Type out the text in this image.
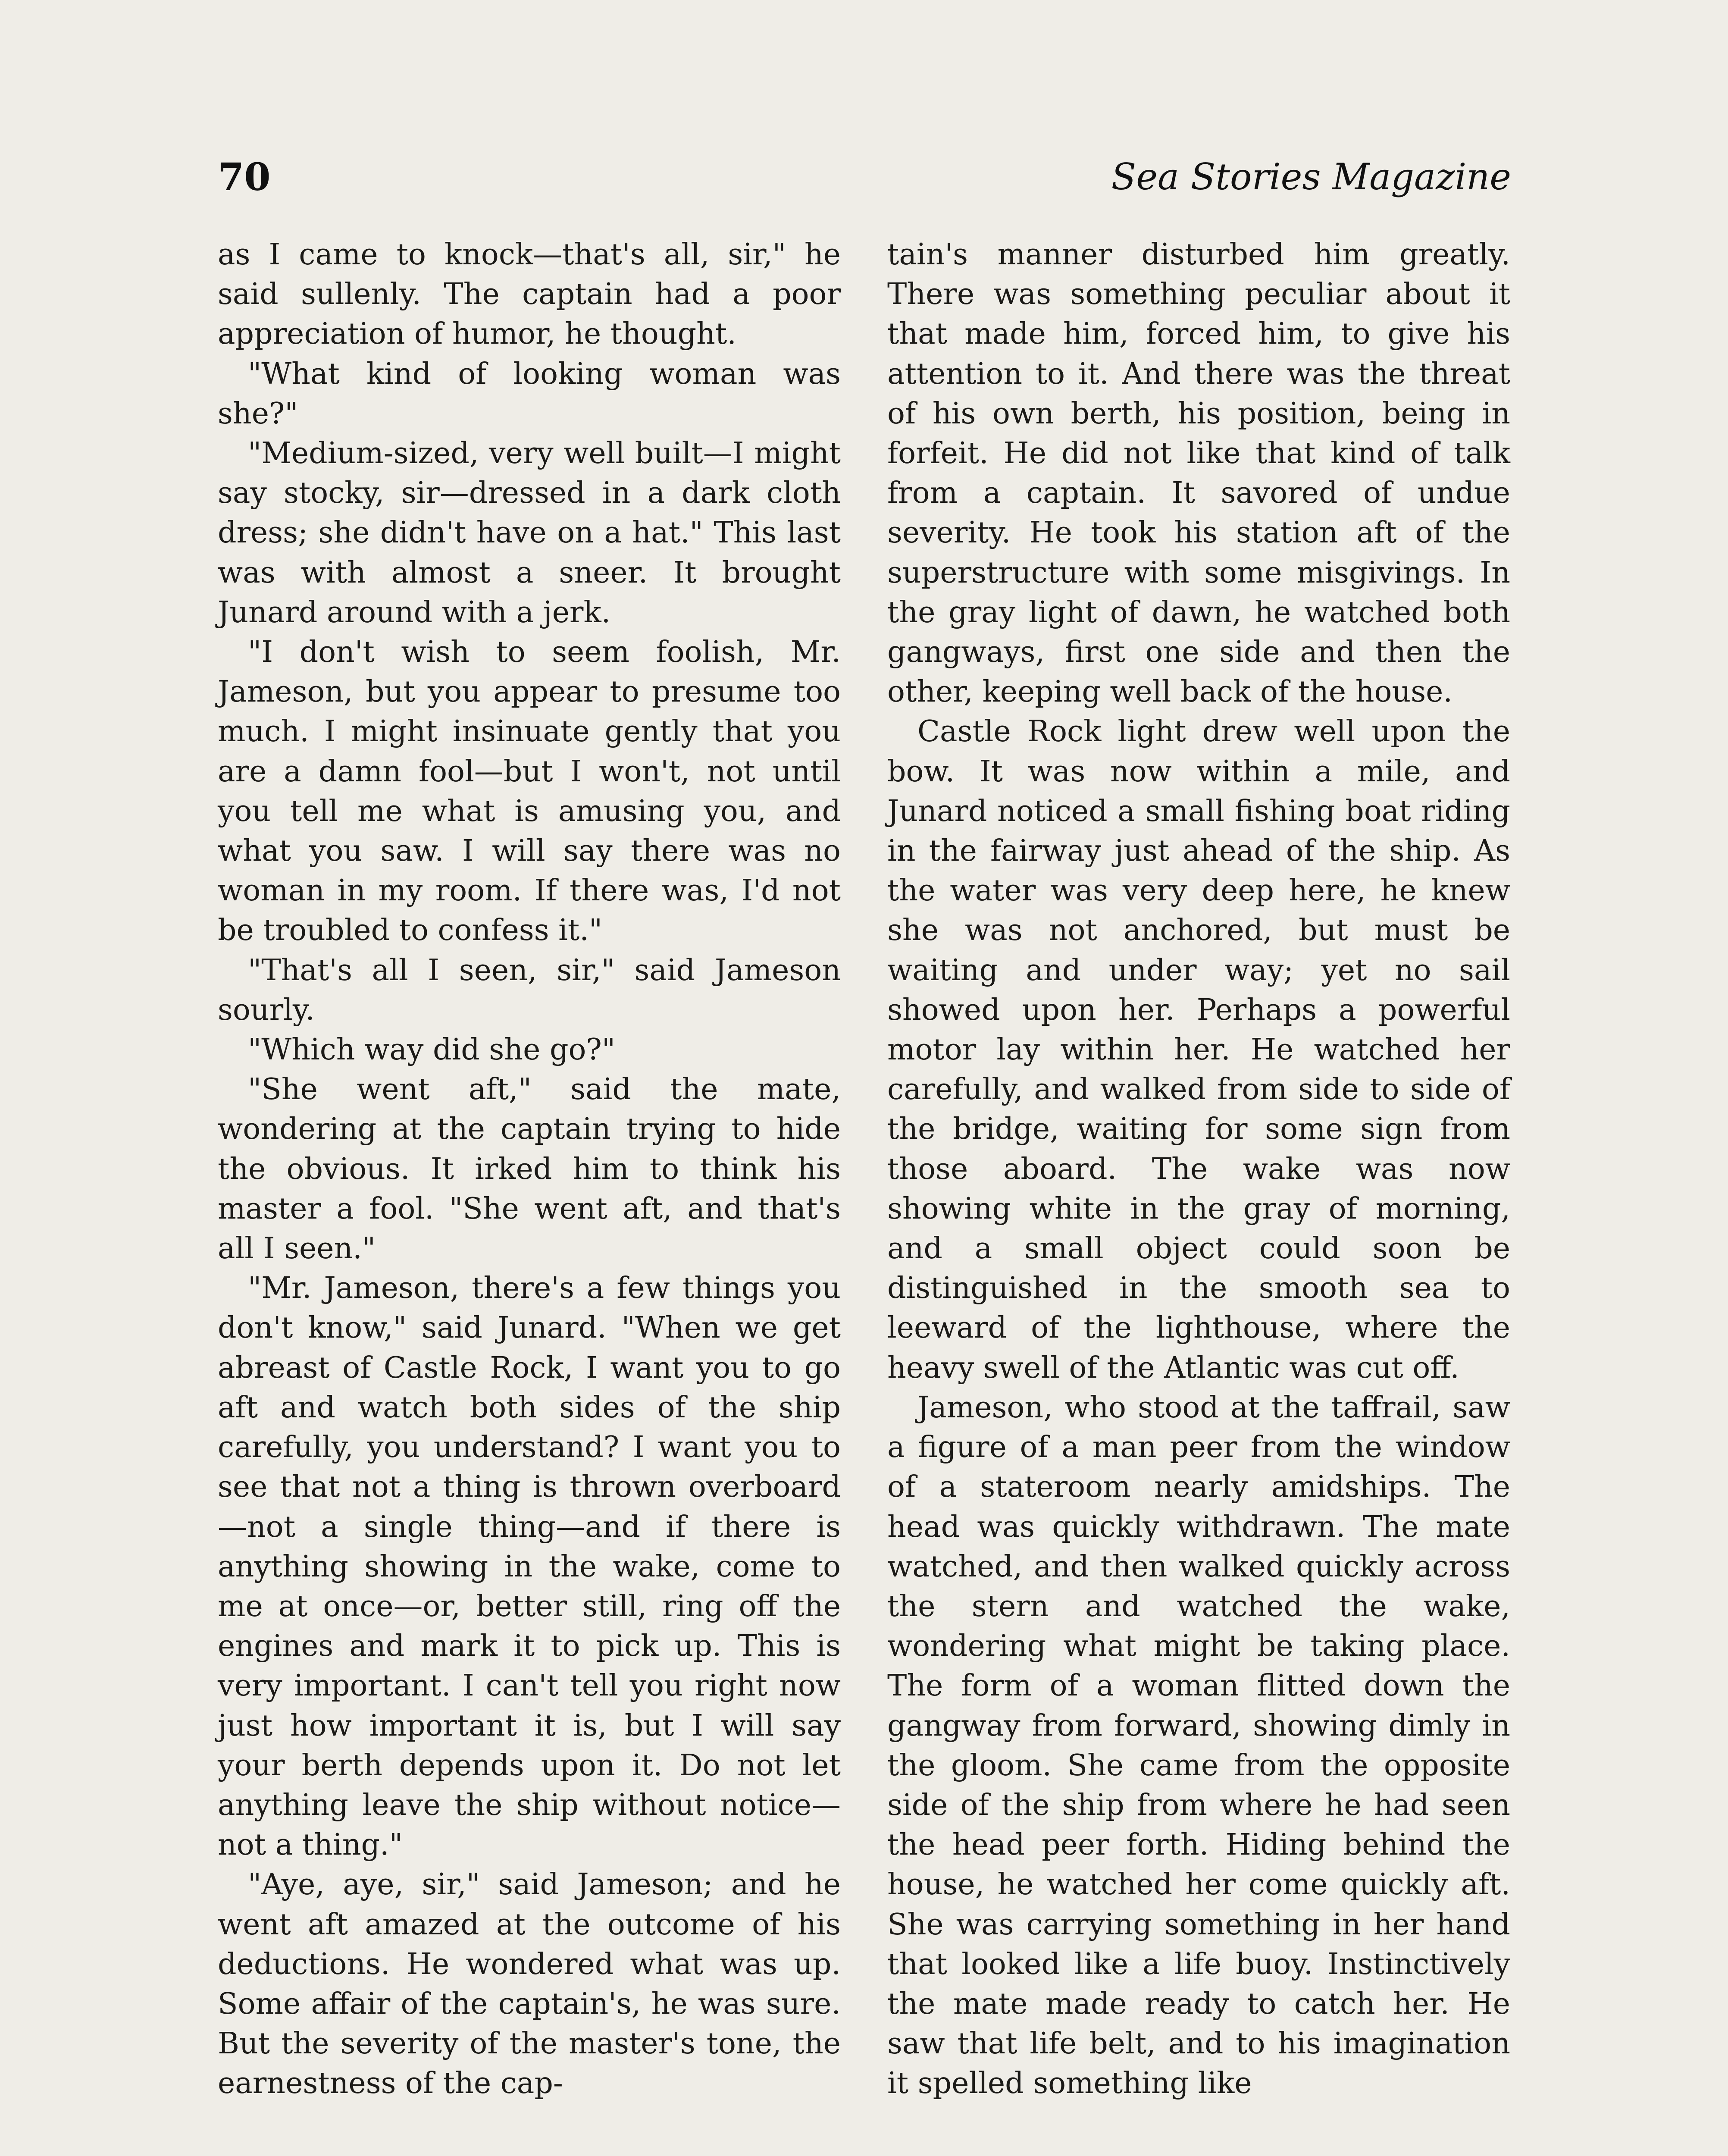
70	Sea Stories Magazine

as I came to knock—that's all, sir," he said sullenly. The captain had a poor appreciation of humor, he thought.

"What kind of looking woman was she?"

"Medium-sized, very well built—I might say stocky, sir—dressed in a dark cloth dress; she didn't have on a hat." This last was with almost a sneer. It brought Junard around with a jerk.

"I don't wish to seem foolish, Mr. Jameson, but you appear to presume too much. I might insinuate gently that you are a damn fool—but I won't, not until you tell me what is amusing you, and what you saw. I will say there was no woman in my room. If there was, I'd not be troubled to confess it."

"That's all I seen, sir," said Jameson sourly.

"Which way did she go?"

"She went aft," said the mate, wondering at the captain trying to hide the obvious. It irked him to think his master a fool. "She went aft, and that's all I seen."

"Mr. Jameson, there's a few things you don't know," said Junard. "When we get abreast of Castle Rock, I want you to go aft and watch both sides of the ship carefully, you understand? I want you to see that not a thing is thrown overboard—not a single thing—and if there is anything showing in the wake, come to me at once—or, better still, ring off the engines and mark it to pick up. This is very important. I can't tell you right now just how important it is, but I will say your berth depends upon it. Do not let anything leave the ship without notice—not a thing."

"Aye, aye, sir," said Jameson; and he went aft amazed at the outcome of his deductions. He wondered what was up. Some affair of the captain's, he was sure. But the severity of the master's tone, the earnestness of the cap-

tain's manner disturbed him greatly. There was something peculiar about it that made him, forced him, to give his attention to it. And there was the threat of his own berth, his position, being in forfeit. He did not like that kind of talk from a captain. It savored of undue severity. He took his station aft of the superstructure with some misgivings. In the gray light of dawn, he watched both gangways, first one side and then the other, keeping well back of the house.

Castle Rock light drew well upon the bow. It was now within a mile, and Junard noticed a small fishing boat riding in the fairway just ahead of the ship. As the water was very deep here, he knew she was not anchored, but must be waiting and under way; yet no sail showed upon her. Perhaps a powerful motor lay within her. He watched her carefully, and walked from side to side of the bridge, waiting for some sign from those aboard. The wake was now showing white in the gray of morning, and a small object could soon be distinguished in the smooth sea to leeward of the lighthouse, where the heavy swell of the Atlantic was cut off.

Jameson, who stood at the taffrail, saw a figure of a man peer from the window of a stateroom nearly amidships. The head was quickly withdrawn. The mate watched, and then walked quickly across the stern and watched the wake, wondering what might be taking place. The form of a woman flitted down the gangway from forward, showing dimly in the gloom. She came from the opposite side of the ship from where he had seen the head peer forth. Hiding behind the house, he watched her come quickly aft. She was carrying something in her hand that looked like a life buoy. Instinctively the mate made ready to catch her. He saw that life belt, and to his imagination it spelled something like
